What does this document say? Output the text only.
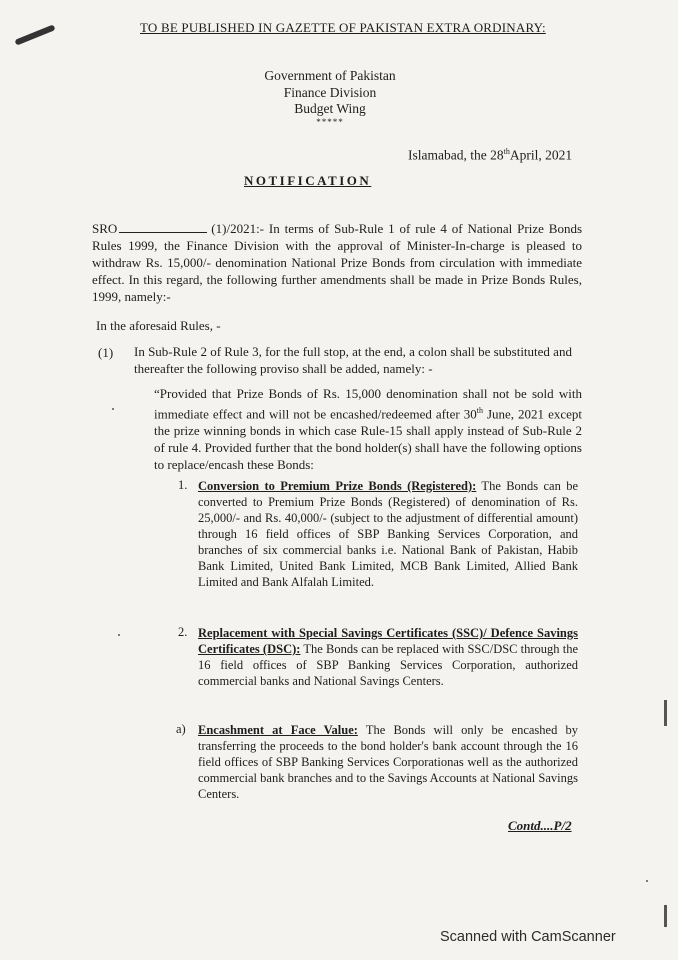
TO BE PUBLISHED IN GAZETTE OF PAKISTAN EXTRA ORDINARY:
Government of Pakistan
Finance Division
Budget Wing
*****
Islamabad, the 28thApril, 2021
NOTIFICATION
SRO	(1)/2021:- In terms of Sub-Rule 1 of rule 4 of National Prize Bonds Rules 1999, the Finance Division with the approval of Minister-In-charge is pleased to withdraw Rs. 15,000/- denomination National Prize Bonds from circulation with immediate effect. In this regard, the following further amendments shall be made in Prize Bonds Rules, 1999, namely:-
In the aforesaid Rules, -
(1) In Sub-Rule 2 of Rule 3, for the full stop, at the end, a colon shall be substituted and thereafter the following proviso shall be added, namely: -
“Provided that Prize Bonds of Rs. 15,000 denomination shall not be sold with immediate effect and will not be encashed/redeemed after 30th June, 2021 except the prize winning bonds in which case Rule-15 shall apply instead of Sub-Rule 2 of rule 4. Provided further that the bond holder(s) shall have the following options to replace/encash these Bonds:
1. Conversion to Premium Prize Bonds (Registered): The Bonds can be converted to Premium Prize Bonds (Registered) of denomination of Rs. 25,000/- and Rs. 40,000/- (subject to the adjustment of differential amount) through 16 field offices of SBP Banking Services Corporation, and branches of six commercial banks i.e. National Bank of Pakistan, Habib Bank Limited, United Bank Limited, MCB Bank Limited, Allied Bank Limited and Bank Alfalah Limited.
2. Replacement with Special Savings Certificates (SSC)/ Defence Savings Certificates (DSC): The Bonds can be replaced with SSC/DSC through the 16 field offices of SBP Banking Services Corporation, authorized commercial banks and National Savings Centers.
a) Encashment at Face Value: The Bonds will only be encashed by transferring the proceeds to the bond holder's bank account through the 16 field offices of SBP Banking Services Corporationas well as the authorized commercial bank branches and to the Savings Accounts at National Savings Centers.
Contd....P/2
Scanned with CamScanner
